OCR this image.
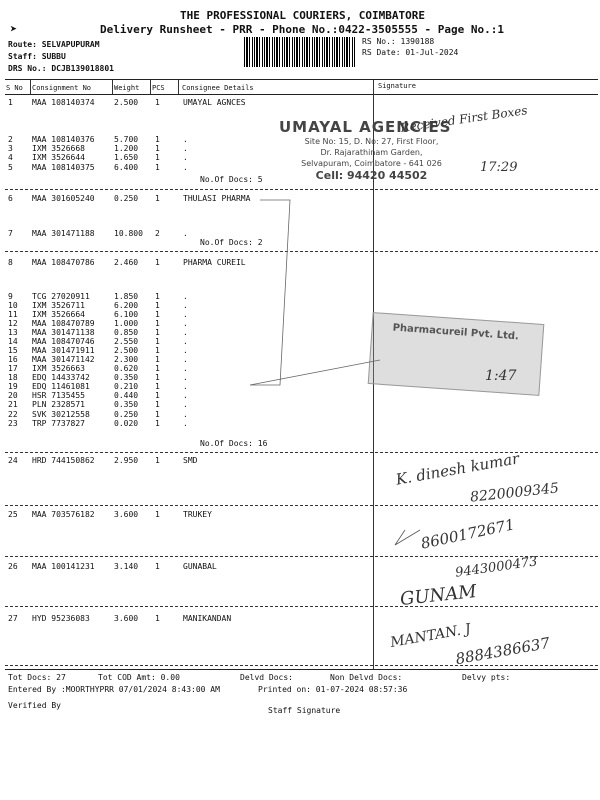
➤
THE PROFESSIONAL COURIERS, COIMBATORE
Delivery Runsheet - PRR - Phone No.:0422-3505555 - Page No.:1
Route: SELVAPUPURAM
Staff: SUBBU
DRS No.: DCJB139018801
RS No.: 1390188
RS Date: 01-Jul-2024
S No Consignment No	Weight PCS Consignee Details	Signature
1 MAA 108140374 2.500 1	UMAYAL AGNCES
2 MAA 108140376 5.700 1	.
3 IXM 3526668	1.200 1	.
4 IXM 3526644	1.650 1	.
5 MAA 108140375 6.400 1	.
6 MAA 301605240 0.250 1	THULASI PHARMA
7 MAA 301471188 10.800 2	.
8 MAA 108470786 2.460 1	PHARMA CUREIL
9 TCG 27020911	1.850 1	.
10 IXM 3526711	6.200 1	.
11 IXM 3526664	6.100 1	.
12 MAA 108470789 1.000 1	.
13 MAA 301471138 0.850 1	.
14 MAA 108470746 2.550 1	.
15 MAA 301471911 2.500 1	.
16 MAA 301471142 2.300 1	.
17 IXM 3526663	0.620 1	.
18 EDQ 14433742	0.350 1	.
19 EDQ 11461081	0.210 1	.
20 HSR 7135455	0.440 1	.
21 PLN 2328571	0.350 1	.
22 SVK 30212558	0.250 1	.
23 TRP 7737827	0.020 1	.
24 HRD 744150862 2.950 1	SMD
25 MAA 703576182 3.600 1	TRUKEY
26 MAA 100141231 3.140 1	GUNABAL
27 HYD 95236083	3.600 1	MANIKANDAN
No.Of Docs: 5
No.Of Docs: 2
No.Of Docs: 16
UMAYAL AGENCIES
Site No: 15, D. No: 27, First Floor,
Dr. Rajarathinam Garden,
Selvapuram, Coimbatore - 641 026
Cell: 94420 44502
Pharmacureil Pvt. Ltd.
Received First Boxes
17:29
1:47
K. dinesh kumar
8220009345
8600172671
9443000473
GUNAM
MANTAN. J
8884386637
Tot Docs: 27	Tot COD Amt: 0.00	Delvd Docs:	Non Delvd Docs:	Delvy pts:
Entered By :MOORTHYPRR 07/01/2024 8:43:00 AM	Printed on: 01-07-2024 08:57:36
Verified By
Staff Signature
